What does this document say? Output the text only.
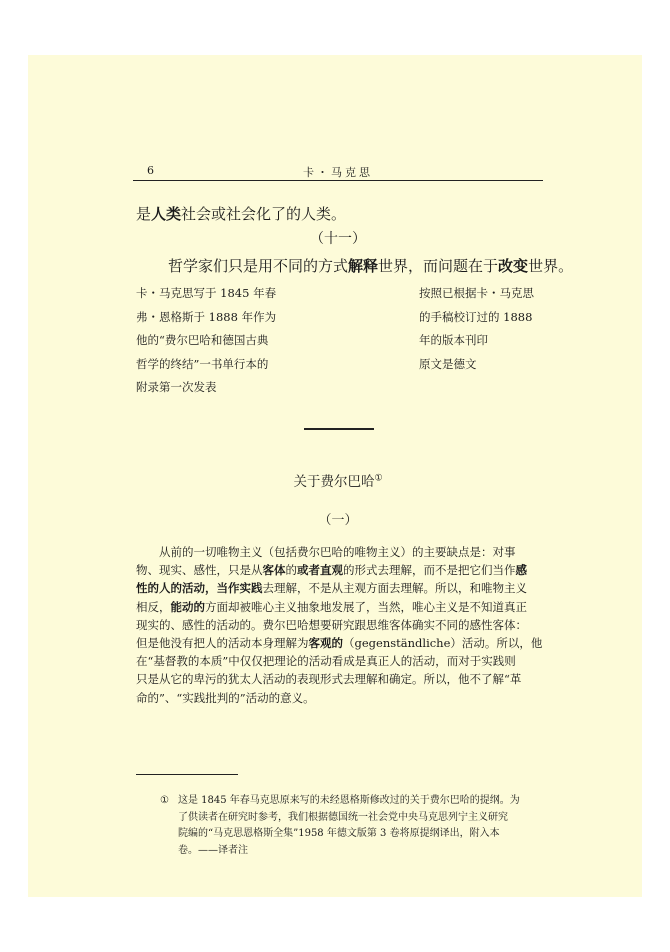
6	卡・马克思
是人类社会或社会化了的人类。
（十一）
哲学家们只是用不同的方式解释世界，而问题在于改变世界。
卡・马克思写于 1845 年春
弗・恩格斯于 1888 年作为
他的“费尔巴哈和德国古典
哲学的终结”一书单行本的
附录第一次发表
按照已根据卡・马克思
的手稿校订过的 1888
年的版本刊印
原文是德文
关于费尔巴哈①
（一）
　　从前的一切唯物主义（包括费尔巴哈的唯物主义）的主要缺点是：对事
物、现实、感性，只是从客体的或者直观的形式去理解，而不是把它们当作感
性的人的活动，当作实践去理解，不是从主观方面去理解。所以，和唯物主义
相反，能动的方面却被唯心主义抽象地发展了，当然，唯心主义是不知道真正
现实的、感性的活动的。费尔巴哈想要研究跟思维客体确实不同的感性客体：
但是他没有把人的活动本身理解为客观的（gegenständliche）活动。所以，他
在“基督教的本质”中仅仅把理论的活动看成是真正人的活动，而对于实践则
只是从它的卑污的犹太人活动的表现形式去理解和确定。所以，他不了解“革
命的”、“实践批判的”活动的意义。
① 这是 1845 年春马克思原来写的未经恩格斯修改过的关于费尔巴哈的提纲。为
了供读者在研究时参考，我们根据德国统一社会党中央马克思列宁主义研究
院编的“马克思恩格斯全集”1958 年德文版第 3 卷将原提纲译出，附入本
卷。——译者注
